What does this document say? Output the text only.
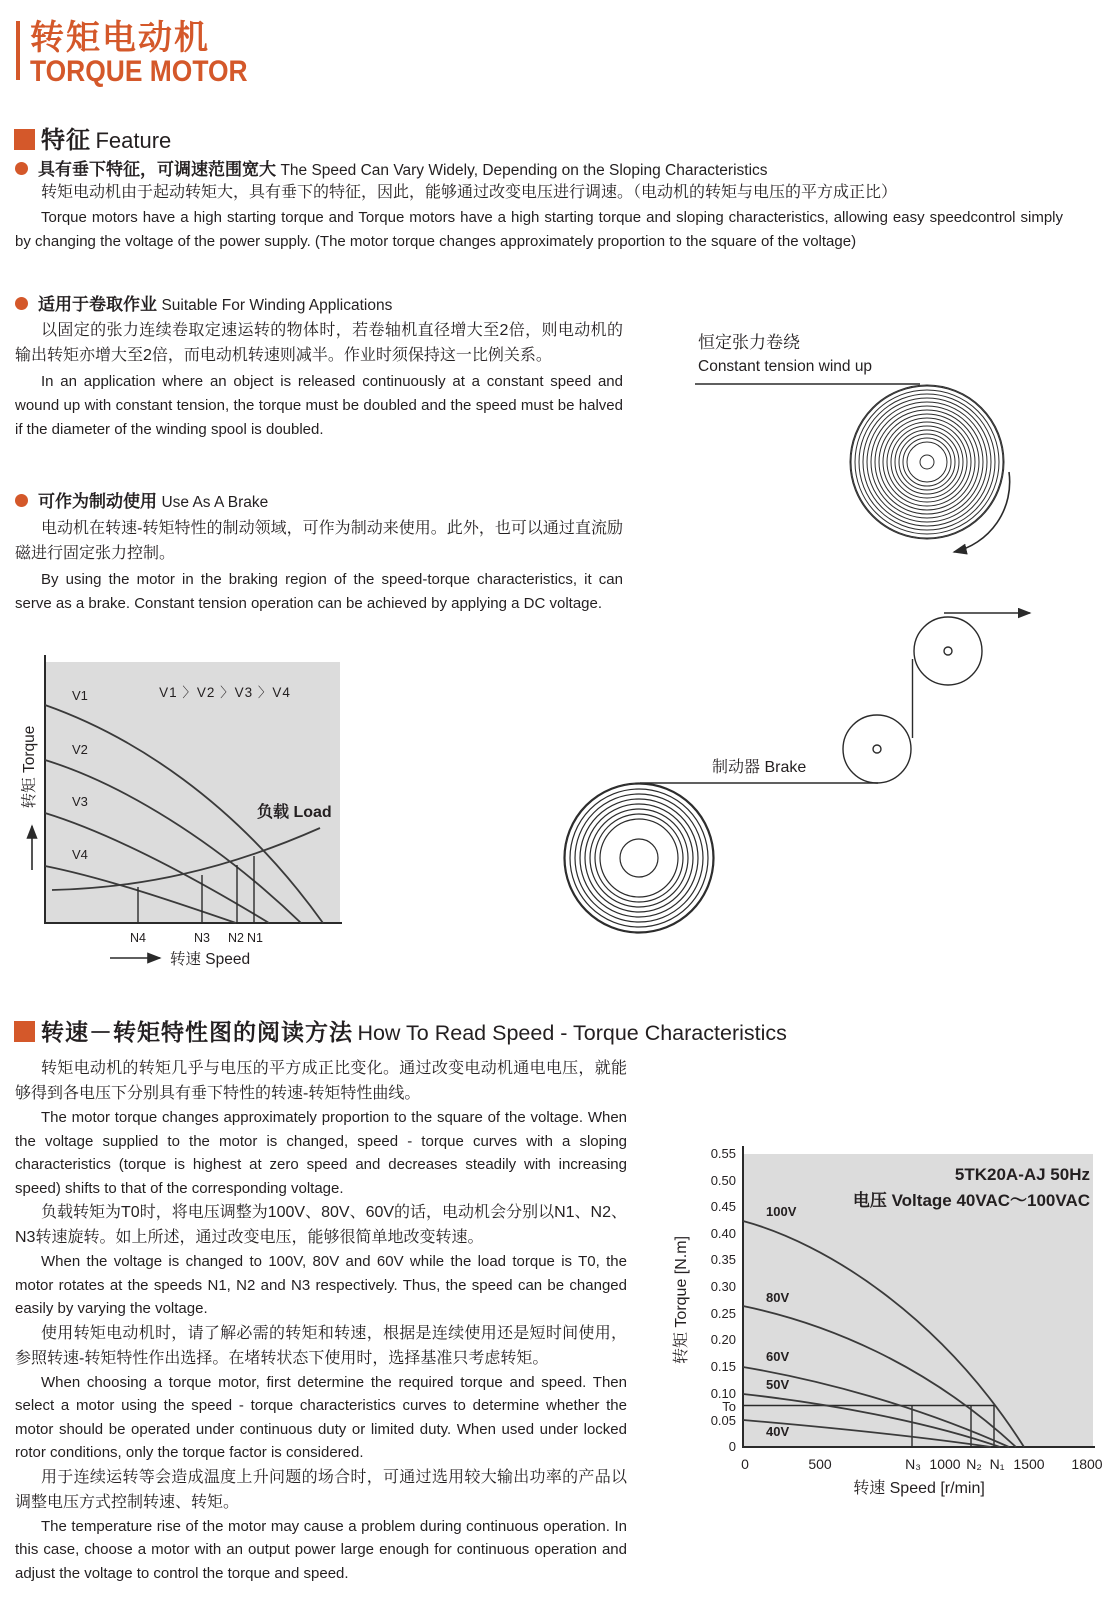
转矩电动机
TORQUE MOTOR
特征 Feature
具有垂下特征，可调速范围宽大 The Speed Can Vary Widely, Depending on the Sloping Characteristics

转矩电动机由于起动转矩大，具有垂下的特征，因此，能够通过改变电压进行调速。（电动机的转矩与电压的平方成正比）

Torque motors have a high starting torque and Torque motors have a high starting torque and sloping characteristics, allowing easy speedcontrol simply by changing the voltage of the power supply. (The motor torque changes approximately proportion to the square of the voltage)

适用于卷取作业 Suitable For Winding Applications

以固定的张力连续卷取定速运转的物体时，若卷轴机直径增大至2倍，则电动机的输出转矩亦增大至2倍，而电动机转速则减半。作业时须保持这一比例关系。

In an application where an object is released continuously at a constant speed and wound up with constant tension, the torque must be doubled and the speed must be halved if the diameter of the winding spool is doubled.

可作为制动使用 Use As A Brake

电动机在转速-转矩特性的制动领域，可作为制动来使用。此外，也可以通过直流励磁进行固定张力控制。

By using the motor in the braking region of the speed-torque characteristics, it can serve as a brake. Constant tension operation can be achieved by applying a DC voltage.

V1 〉V2 〉V3 〉V4
V1
V2
V3
V4
负载 Load
N4	N3 N2 N1
转速 Speed
转矩 Torque
恒定张力卷绕
Constant tension wind up
制动器 Brake
转速－转矩特性图的阅读方法 How To Read Speed - Torque Characteristics

转矩电动机的转矩几乎与电压的平方成正比变化。通过改变电动机通电电压，就能够得到各电压下分别具有垂下特性的转速-转矩特性曲线。

The motor torque changes approximately proportion to the square of the voltage. When the voltage supplied to the motor is changed, speed - torque curves with a sloping characteristics (torque is highest at zero speed and decreases steadily with increasing speed) shifts to that of the corresponding voltage.

负载转矩为T0时，将电压调整为100V、80V、60V的话，电动机会分别以N1、N2、N3转速旋转。如上所述，通过改变电压，能够很简单地改变转速。

When the voltage is changed to 100V, 80V and 60V while the load torque is T0, the motor rotates at the speeds N1, N2 and N3 respectively. Thus, the speed can be changed easily by varying the voltage.

使用转矩电动机时，请了解必需的转矩和转速，根据是连续使用还是短时间使用，参照转速-转矩特性作出选择。在堵转状态下使用时，选择基准只考虑转矩。

When choosing a torque motor, first determine the required torque and speed. Then select a motor using the speed - torque characteristics curves to determine whether the motor should be operated under continuous duty or limited duty. When used under locked rotor conditions, only the torque factor is considered.

用于连续运转等会造成温度上升问题的场合时，可通过选用较大输出功率的产品以调整电压方式控制转速、转矩。

The temperature rise of the motor may cause a problem during continuous operation. In this case, choose a motor with an output power large enough for continuous operation and adjust the voltage to control the torque and speed.

5TK20A-AJ 50Hz
电压 Voltage 40VAC～100VAC
100V
80V
60V
50V
40V
0.55
0.50
0.45
0.40
0.35
0.30
0.25
0.20
0.15
0.10
To
0.05
0
0	500	N₃ 1000 N₂ N₁ 1500 1800
转矩 Torque [N.m]
转速 Speed [r/min]
